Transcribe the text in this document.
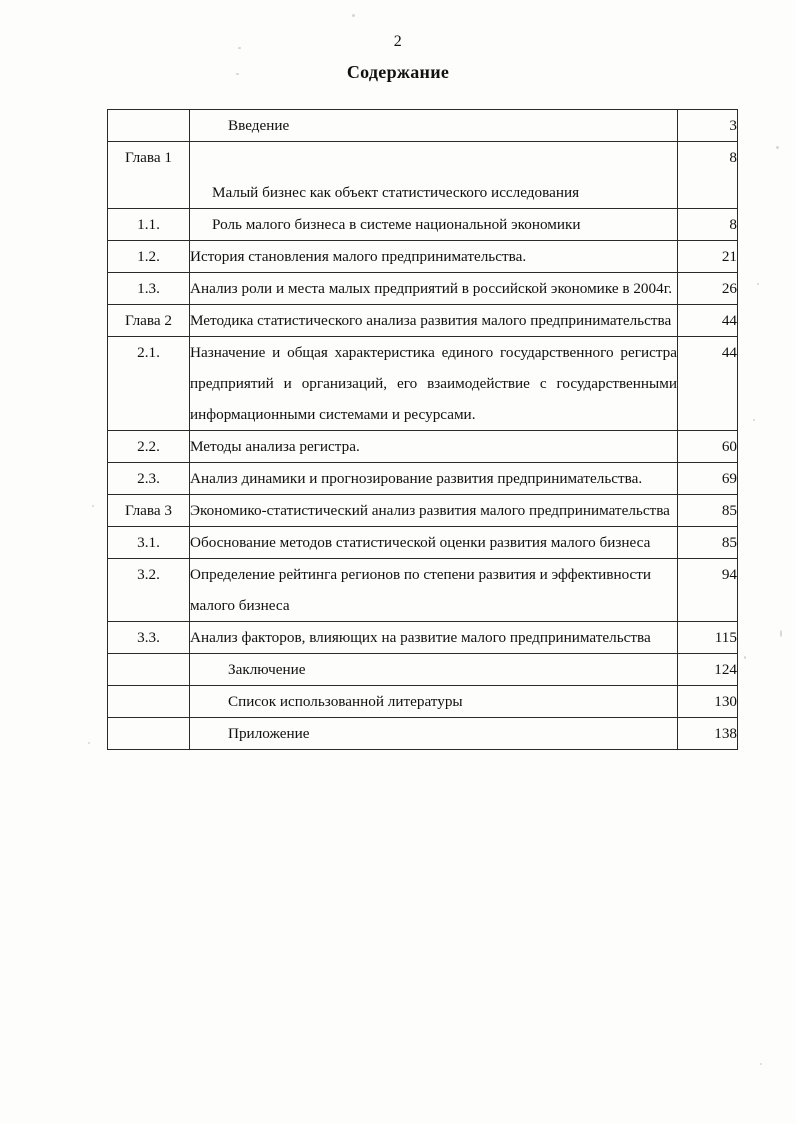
2
Содержание
	Введение	3
Глава 1	Малый бизнес как объект статистического исследования	8
1.1.	Роль малого бизнеса в системе национальной экономики	8
1.2.	История становления малого предпринимательства.	21
1.3.	Анализ роли и места малых предприятий в российской экономике в 2004г.	26
Глава 2	Методика статистического анализа развития малого предпринимательства	44
2.1.	Назначение и общая характеристика единого государственного регистра предприятий и организаций, его взаимодействие с государственными информационными системами и ресурсами.	44
2.2.	Методы анализа регистра.	60
2.3.	Анализ динамики и прогнозирование развития предпринимательства.	69
Глава 3	Экономико-статистический анализ развития малого предпринимательства	85
3.1.	Обоснование методов статистической оценки развития малого бизнеса	85
3.2.	Определение рейтинга регионов по степени развития и эффективности малого бизнеса	94
3.3.	Анализ факторов, влияющих на развитие малого предпринимательства	115
	Заключение	124
	Список использованной литературы	130
	Приложение	138
